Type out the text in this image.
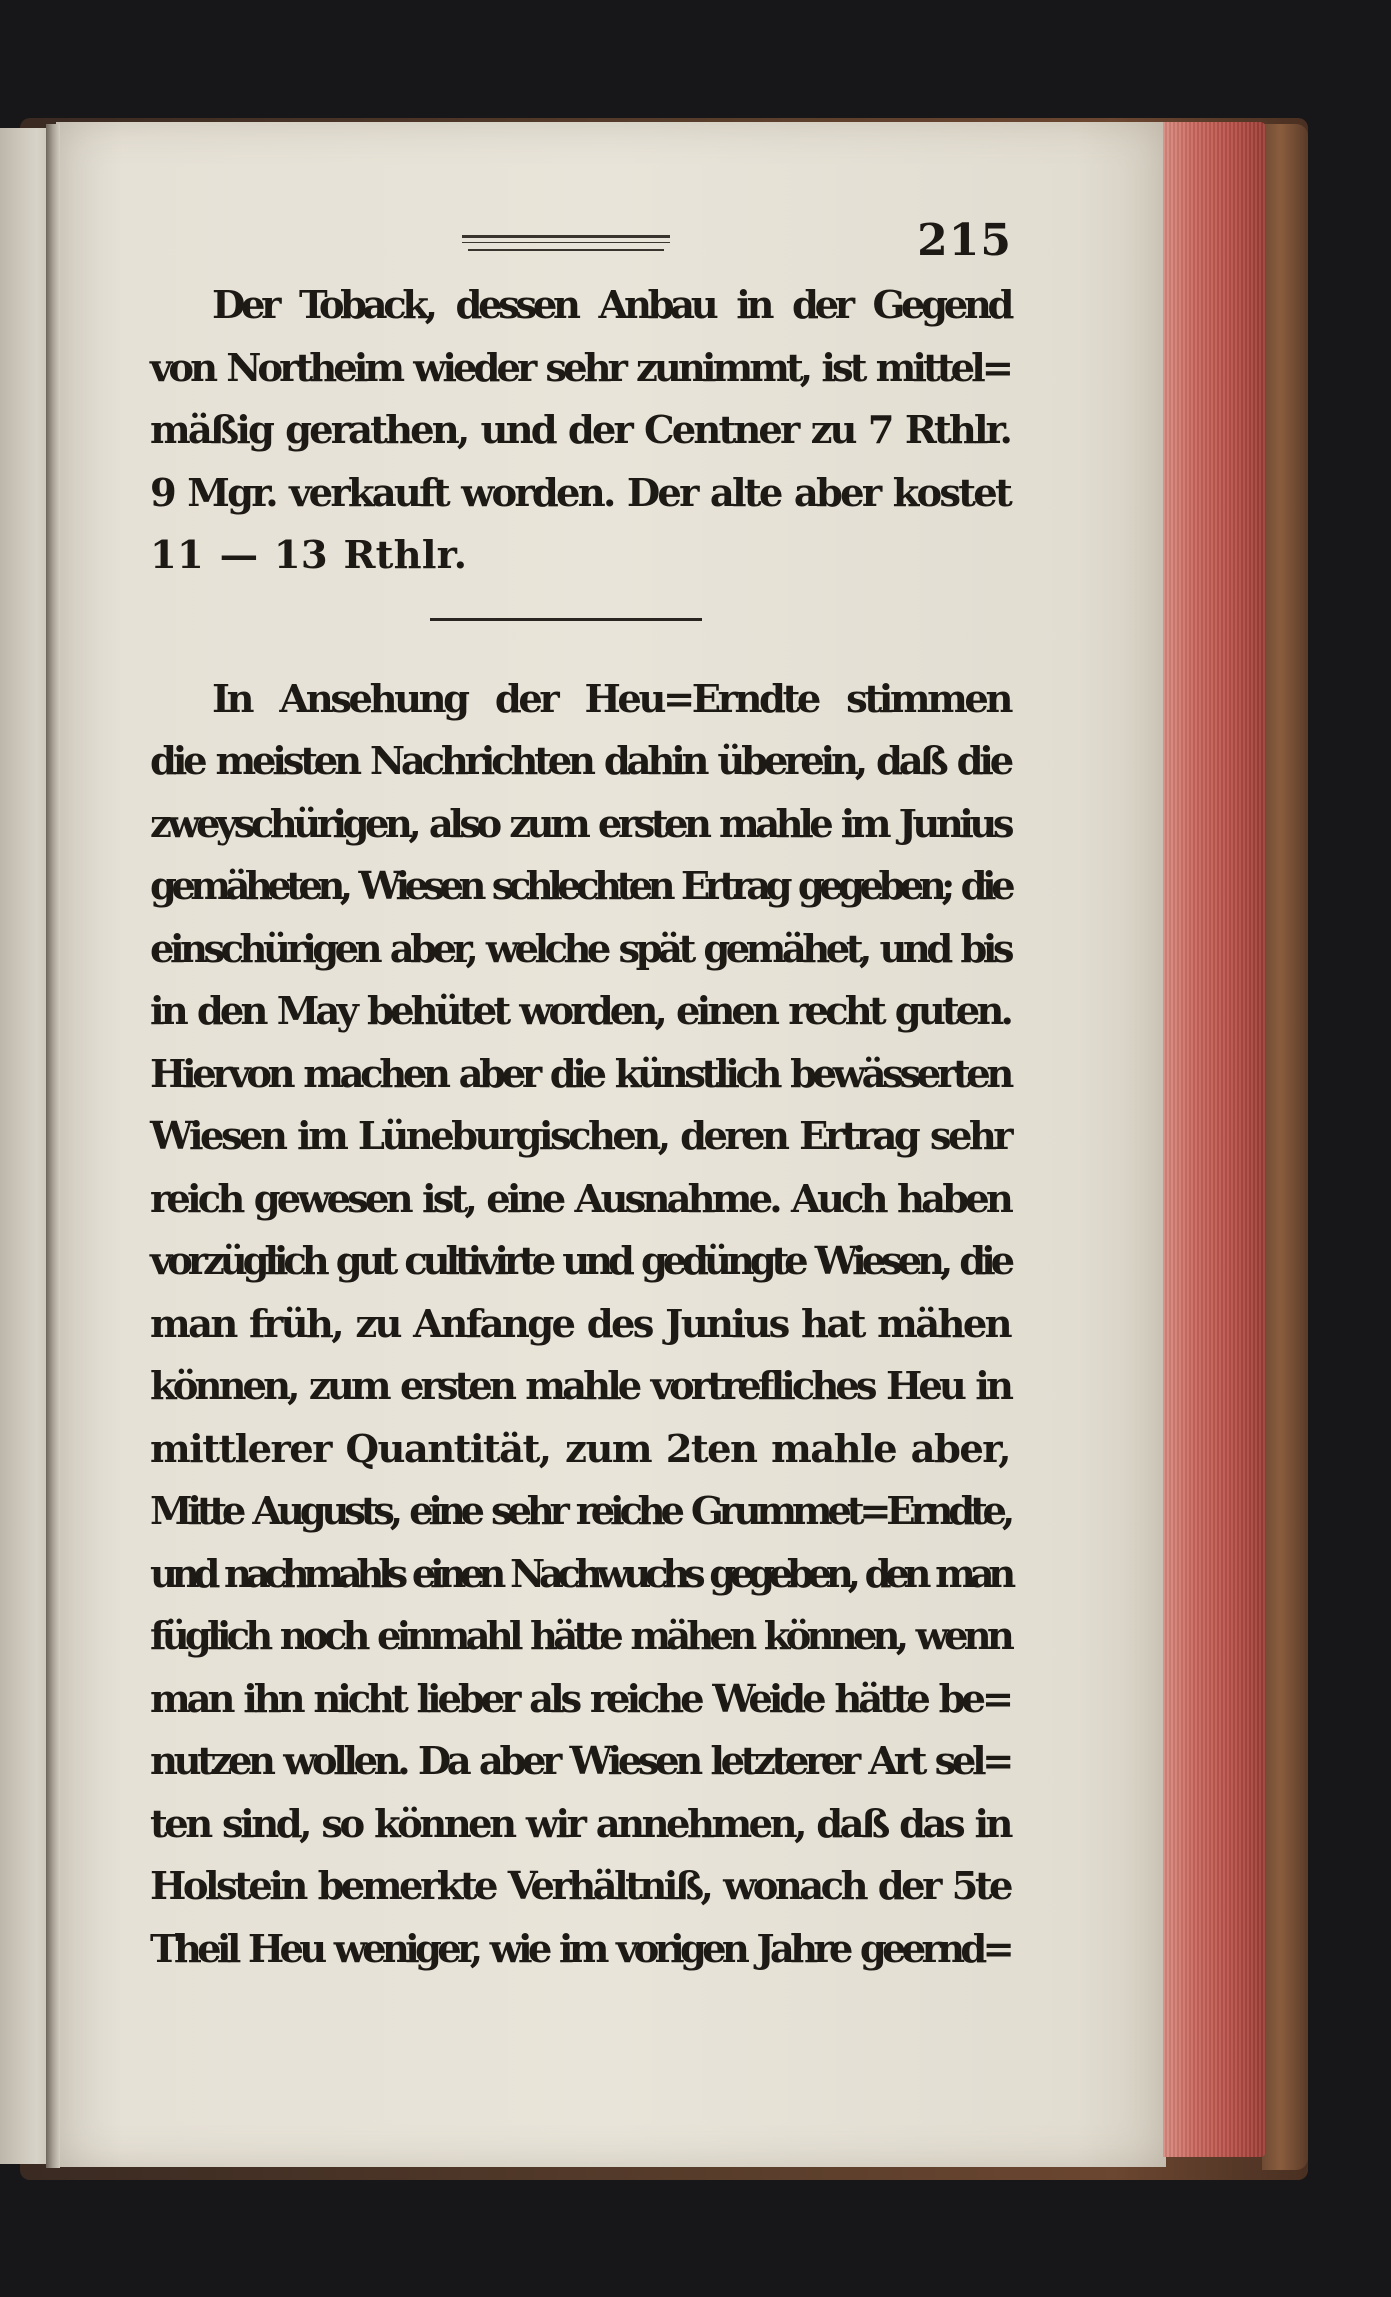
215

Der Toback, dessen Anbau in der Gegend
von Northeim wieder sehr zunimmt, ist mittel=
mäßig gerathen, und der Centner zu 7 Rthlr.
9 Mgr. verkauft worden. Der alte aber kostet
11 — 13 Rthlr.

In Ansehung der Heu=Erndte stimmen
die meisten Nachrichten dahin überein, daß die
zweyschürigen, also zum ersten mahle im Junius
gemäheten, Wiesen schlechten Ertrag gegeben; die
einschürigen aber, welche spät gemähet, und bis
in den May behütet worden, einen recht guten.
Hiervon machen aber die künstlich bewässerten
Wiesen im Lüneburgischen, deren Ertrag sehr
reich gewesen ist, eine Ausnahme. Auch haben
vorzüglich gut cultivirte und gedüngte Wiesen, die
man früh, zu Anfange des Junius hat mähen
können, zum ersten mahle vortrefliches Heu in
mittlerer Quantität, zum 2ten mahle aber,
Mitte Augusts, eine sehr reiche Grummet=Erndte,
und nachmahls einen Nachwuchs gegeben, den man
füglich noch einmahl hätte mähen können, wenn
man ihn nicht lieber als reiche Weide hätte be=
nutzen wollen. Da aber Wiesen letzterer Art sel=
ten sind, so können wir annehmen, daß das in
Holstein bemerkte Verhältniß, wonach der 5te
Theil Heu weniger, wie im vorigen Jahre geernd=
